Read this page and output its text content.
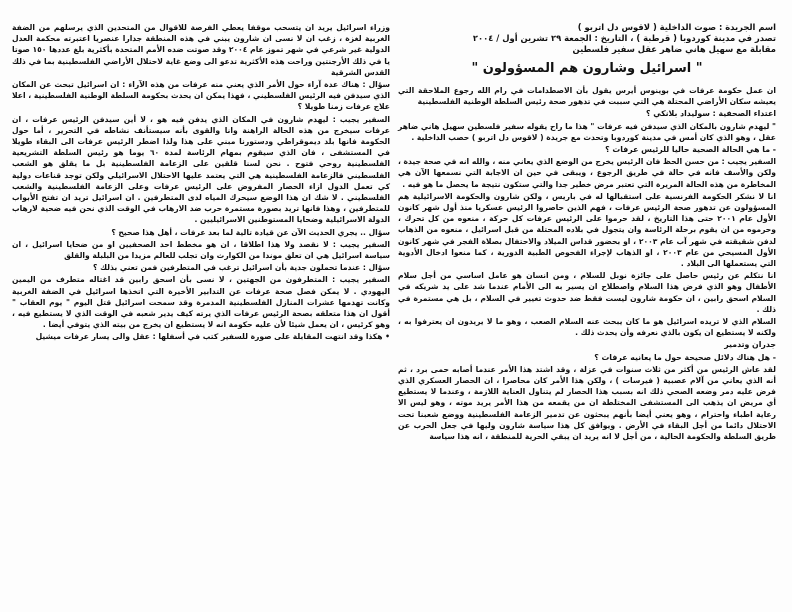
اسم الجريدة : صوت الداخلية ( لاقوس دل اتربو )

تصدر في مدينة كوردوبا ( قرطبة ) ، التاريخ : الجمعة ٢٩ تشرين أول / ٢٠٠٤

مقابلة مع سهيل هاني ضاهر عقل سفير فلسطين

" اسرائيل وشارون هم المسؤولون "

ان عمل حكومة عرفات في بوينوس أيرس يقول بأن الاصطدامات في رام الله رجوع الملاحقة التي يعيشه سكان الأراضي المحتلة هي التي سببت في تدهور صحة رئيس السلطة الوطنية الفلسطينية

اعتداء الصحفية : سوليداد بلانكي ؟

" ليهدم شارون بالمكان الذي سيدفن فيه عرفات " هذا ما راح يقوله سفير فلسطين سهيل هاني ضاهر عقل ، وهو الذي كان أمس في مدينة كوردوبا وتحدث مع جريدة ( لاقوس دل اتربو ) حصب الداخلية .

- ما هي الحالة الصحية حاليا للرئيس عرفات ؟

السفير يجيب : من حسن الحظ فان الرئيس يخرج من الوضع الذي يعاني منه ، والله انه في صحة جيدة ، ولكن والأسف فانه في حالة في طريق الرجوع ، ويبقى في حين ان الاجابة التي نسمعها الآن هي المخاطرة من هذه الحالة المريرة التي تعتبر مرض خطير جدا والتي ستكون نتيجة ما يحصل ما هو فيه .

انا لا نشكر الحكومة الفرنسية على استقبالها له في باريس ، ولكن شارون والحكومة الاسرائيلية هم المسؤولون عن تدهور صحة الرئيس عرفات ، فهم الذين حاصروا الرئيس عسكريا منذ أول شهر كانون الأول عام ٢٠٠١ حتى هذا التاريخ ، لقد حرموا على الرئيس عرفات كل حركة ، منعوه من كل تحرك ، وحرموه من ان يقوم برحلة الرئاسة وان يتجول في بلاده المحتلة من قبل اسرائيل ، منعوه من الذهاب لدفن شقيقته في شهر آب عام ٢٠٠٣ ، او بحضور قداس الميلاد والاحتفال بصلاة الفجر في شهر كانون الأول المسيحي من عام ٢٠٠٣ ، او الذهاب لإجراء الفحوص الطبية الدورية ، كما منعوا ادخال الأدوية التي يستعملها الى البلاد .

انا نتكلم عن رئيس حاصل على جائزة نوبل للسلام ، ومن انسان هو عامل اساسي من أجل سلام الأطفال وهو الذي فرض هذا السلام واصطلاح ان يسير به الى الأمام عندما شد على يد شريكه في السلام اسحق رابين ، ان حكومة شارون ليست فقط ضد حدوث تغيير في السلام ، بل هي مستمرة في ذلك .

السلام الذي لا تريده اسرائيل هو ما كان يبحث عنه السلام الصعب ، وهو ما لا يريدون ان يعترفوا به ، ولكنه لا يستطيع ان يكون بالذي نعرفه وأن يحدث ذلك .

جدران وتدمير

- هل هناك دلائل صحيحة حول ما يعانيه عرفات ؟

لقد عاش الرئيس من أكثر من ثلاث سنوات في عزلة ، وقد اشتد هذا الأمر عندما أصابه حمى برد ، ثم أنه الذي يعاني من آلام عصبية ( فيرسات ) ، ولكن هذا الأمر كان محاصرا ، ان الحصار العسكري الذي فرض عليه دمر وضعه الصحي ذلك انه بسبب هذا الحصار لم يتناول العناية اللازمة ، وعندما لا يستطيع أي مريض ان يذهب الى المستشفى المختلطة ان من يقمعه من هذا الأمر يريد موته ، وهو ليس الا رعاية اطباء واحترام ، وهو يعني أيضا بأنهم يبحثون عن تدمير الزعامة الفلسطينية ووضع شعبنا تحت الاحتلال دائما من أجل البقاء في الأرض . ويوافق كل هذا سياسة شارون وليها في جعل الحرب عن طريق السلطة والحكومة الحالية ، من أجل لا انه يريد ان يبقي الحرية للمنطقة ، انه هذا سياسة

وزراء اسرائيل يريد ان يتسحب موقفا يعطي الفرصة للاقوال من المتحدين الذي يرسلهم من الضفة الغربية لغزة ، زغب ان لا نسى ان شارون يبني في هذه المنطقة جدارا عنصريا اعتبرته محكمة العدل الدولية غير شرعي في شهر تموز عام ٢٠٠٤ وقد صوتت ضده الأمم المتحدة بأكثرية بلغ عددها ١٥٠ صوتا يا في ذلك الأرجنتين وراحت هذه الأكثرية تدعو الى وضع غاية لاحتلال الأراضي الفلسطينية بما في ذلك القدس الشرقية

سؤال : هناك عدة آراء حول الأمر الذي يعني منه عرفات من هذه الآراء : ان اسرائيل تبحث عن المكان الذي سيدفن فيه الرئيس الفلسطيني ، فهذا يمكن ان يحدث بحكومة السلطة الوطنية الفلسطينية ، اعلا علاج عرفات زمنا طويلا ؟

السفير يجيب : ليهدم شارون في المكان الذي يدفن فيه هو ، لا أين سيدفن الرئيس عرفات ، ان عرفات سيخرج من هذه الحالة الراهنة وانا والقوى بأنه سيستأنف نشاطه في التحرير ، أما حول الحكومة فانها بلد ديموقراطي ودستورنا مبني على هذا ولذا اضطر الرئيس عرفات الى البقاء طويلا في المستشفى ، فان الذي سيقوم بمهام الرئاسة لمدة ٦٠ يوما هو رئيس السلطة التشريعية الفلسطينية روحي فتوح . نحن لسنا قلقين على الزعامة الفلسطينية بل ما يقلق هو الشعب الفلسطيني فالزعامة الفلسطينية هي التي يعتمد عليها الاحتلال الاسرائيلي ولكن توجد قناعات دولية كي تعمل الدول ازاء الحصار المفروض على الرئيس عرفات وعلى الزعامة الفلسطينية والشعب الفلسطيني . لا شك ان هذا الوضع سيحرك المياه لدى المتطرفين . ان اسرائيل تريد ان تفتح الأبواب للمتطرفين ، وهذا فانها تريد بصورة مستمرة حرب ضد الارهاب في الوقت الذي نحن فيه ضحية لارهاب الدولة الاسرائيلية وضحايا المستوطنين الاسرائيليين .

سؤال .. يجري الحديث الآن عن قيادة تالية لما بعد عرفات ، أهل هذا صحيح ؟

السفير يجيب : لا نقصد ولا هذا اطلاقا ، ان هو مخطط احد الصحفيين او من ضحايا اسرائيل ، ان سياسة اسرائيل هي ان تعلق موندا من الكوارث وان تجلب للعالم مزيدا من البلبلة والقلق

سؤال : عندما تحملون جدية بأن اسرائيل ترغب في المتطرفين فمن تعني بذلك ؟

السفير يجيب : المتطرفون من الجهتين ، لا نسى بأن اسحق رابين قد اغتاله متطرف من اليمين اليهودي . لا يمكن فصل صحة عرفات عن التدابير الأخيرة التي اتخذها اسرائيل في الضفة الغربية وكانت تهدمها عشرات المنازل الفلسطينية المدمرة وقد سمحت اسرائيل قتل اليوم " يوم العقاب " أقول ان هذا متعلقه بصحة الرئيس عرفات الذي يرته كيف يدير شعبه في الوقت الذي لا يستطيع فيه ، وهو كرئيس ، ان يعمل شيئا لأن عليه حكومة انه لا يستطيع ان يخرج من بيته الذي يتوفي أيضا .

• هكذا وقد انتهت المقابلة على صورة للسفير كتب في أسفلها : عقل والى يسار عرفات ميشيل
